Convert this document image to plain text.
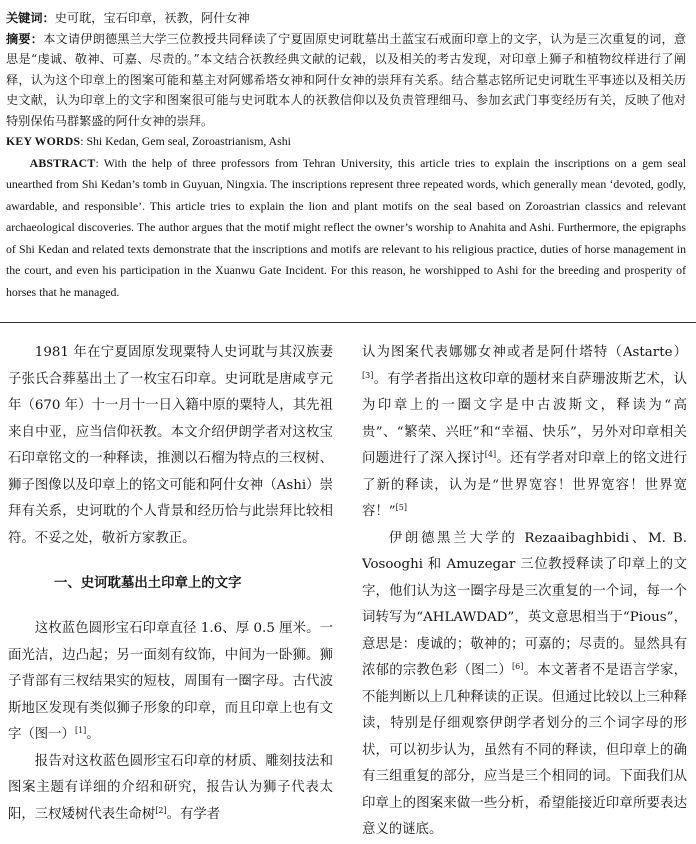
关键词：史可耽，宝石印章，祆教，阿什女神

摘要：本文请伊朗德黑兰大学三位教授共同释读了宁夏固原史诃耽墓出土蓝宝石戒面印章上的文字，认为是三次重复的词，意思是“虔诚、敬神、可嘉、尽责的。”本文结合祆教经典文献的记载，以及相关的考古发现，对印章上狮子和植物纹样进行了阐释，认为这个印章上的图案可能和墓主对阿娜希塔女神和阿什女神的崇拜有关系。结合墓志铭所记史诃耽生平事迹以及相关历史文献，认为印章上的文字和图案很可能与史诃耽本人的祆教信仰以及负责管理细马、参加玄武门事变经历有关，反映了他对特别保佑马群繁盛的阿什女神的崇拜。

KEY WORDS: Shi Kedan, Gem seal, Zoroastrianism, Ashi

ABSTRACT: With the help of three professors from Tehran University, this article tries to explain the inscriptions on a gem seal unearthed from Shi Kedan’s tomb in Guyuan, Ningxia. The inscriptions represent three repeated words, which generally mean ‘devoted, godly, awardable, and responsible’. This article tries to explain the lion and plant motifs on the seal based on Zoroastrian classics and relevant archaeological discoveries. The author argues that the motif might reflect the owner’s worship to Anahita and Ashi. Furthermore, the epigraphs of Shi Kedan and related texts demonstrate that the inscriptions and motifs are relevant to his religious practice, duties of horse management in the court, and even his participation in the Xuanwu Gate Incident. For this reason, he worshipped to Ashi for the breeding and prosperity of horses that he managed.

1981 年在宁夏固原发现粟特人史诃耽与其汉族妻子张氏合葬墓出土了一枚宝石印章。史诃耽是唐咸亨元年（670 年）十一月十一日入籍中原的粟特人，其先祖来自中亚，应当信仰祆教。本文介绍伊朗学者对这枚宝石印章铭文的一种释读，推测以石榴为特点的三杈树、狮子图像以及印章上的铭文可能和阿什女神（Ashi）崇拜有关系，史诃耽的个人背景和经历恰与此崇拜比较相符。不妥之处，敬祈方家教正。

一、史诃耽墓出土印章上的文字

这枚蓝色圆形宝石印章直径 1.6、厚 0.5 厘米。一面光洁，边凸起；另一面刻有纹饰，中间为一卧狮。狮子背部有三杈结果实的短枝，周围有一圈字母。古代波斯地区发现有类似狮子形象的印章，而且印章上也有文字（图一）[1]。

报告对这枚蓝色圆形宝石印章的材质、雕刻技法和图案主题有详细的介绍和研究，报告认为狮子代表太阳，三杈矮树代表生命树[2]。有学者

认为图案代表娜娜女神或者是阿什塔特（Astarte）[3]。有学者指出这枚印章的题材来自萨珊波斯艺术，认为印章上的一圈文字是中古波斯文，释读为“高贵”、“繁荣、兴旺”和“幸福、快乐”，另外对印章相关问题进行了深入探讨[4]。还有学者对印章上的铭文进行了新的释读，认为是“世界宽容！世界宽容！世界宽容！”[5]

伊朗德黑兰大学的 Rezaaibaghbidi、M. B. Vosooghi 和 Amuzegar 三位教授释读了印章上的文字，他们认为这一圈字母是三次重复的一个词，每一个词转写为“AHLAWDAD”，英文意思相当于“Pious”，意思是：虔诚的；敬神的；可嘉的；尽责的。显然具有浓郁的宗教色彩（图二）[6]。本文著者不是语言学家，不能判断以上几种释读的正误。但通过比较以上三种释读，特别是仔细观察伊朗学者划分的三个词字母的形状，可以初步认为，虽然有不同的释读，但印章上的确有三组重复的部分，应当是三个相同的词。下面我们从印章上的图案来做一些分析，希望能接近印章所要表达意义的谜底。
